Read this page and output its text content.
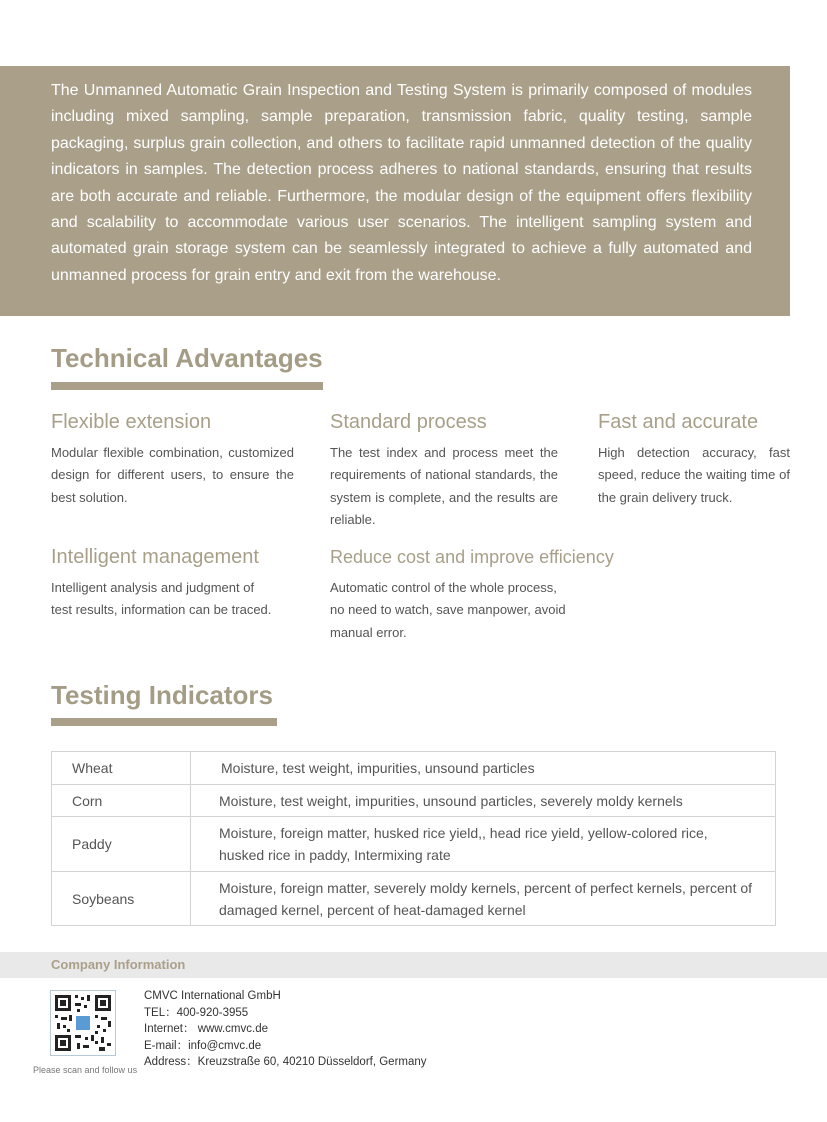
The Unmanned Automatic Grain Inspection and Testing System is primarily composed of modules including mixed sampling, sample preparation, transmission fabric, quality testing, sample packaging, surplus grain collection, and others to facilitate rapid unmanned detection of the quality indicators in samples. The detection process adheres to national standards, ensuring that results are both accurate and reliable. Furthermore, the modular design of the equipment offers flexibility and scalability to accommodate various user scenarios. The intelligent sampling system and automated grain storage system can be seamlessly integrated to achieve a fully automated and unmanned process for grain entry and exit from the warehouse.

Technical Advantages
Flexible extension

Modular flexible combination, customized design for different users, to ensure the best solution.

Standard process

The test index and process meet the requirements of national standards, the system is complete, and the results are reliable.

Fast and accurate

High detection accuracy, fast speed, reduce the waiting time of the grain delivery truck.

Intelligent management

Intelligent analysis and judgment of test results, information can be traced.

Reduce cost and improve efficiency

Automatic control of the whole process, no need to watch, save manpower, avoid manual error.

Testing Indicators
Wheat	Moisture, test weight, impurities, unsound particles
Corn	Moisture, test weight, impurities, unsound particles, severely moldy kernels
Paddy	Moisture, foreign matter, husked rice yield,, head rice yield, yellow-colored rice, husked rice in paddy, Intermixing rate
Soybeans	Moisture, foreign matter, severely moldy kernels, percent of perfect kernels, percent of damaged kernel, percent of heat-damaged kernel
Company Information
Please scan and follow us
CMVC International GmbH
TEL：400-920-3955
Internet： www.cmvc.de
E-mail：info@cmvc.de
Address：Kreuzstraße 60, 40210 Düsseldorf, Germany
